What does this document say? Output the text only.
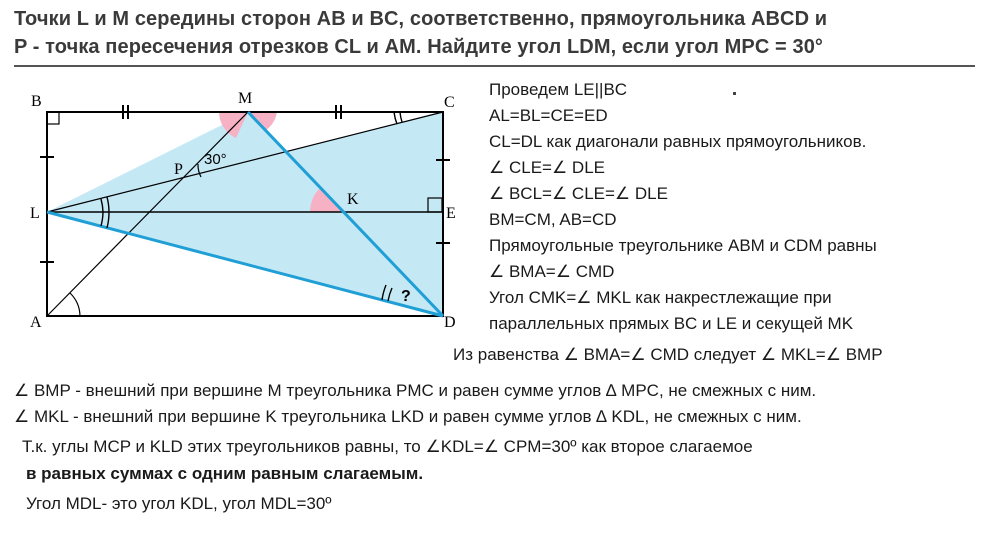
Точки L и M середины сторон AB и BC, соответственно, прямоугольника ABCD и
P - точка пересечения отрезков CL и AM. Найдите угол LDM, если угол MPC = 30°
A
B	C
D
M
L	E
P
K
30°
?
Проведем LE||BC
AL=BL=CE=ED
CL=DL как диагонали равных прямоугольников.
∠ CLE=∠ DLE
∠ BCL=∠ CLE=∠ DLE
BM=CM, AB=CD
Прямоугольные треугольнике ABM и CDM равны
∠ BMA=∠ CMD
Угол CMK=∠ MKL как накрестлежащие при
параллельных прямых BC и LE и секущей MK
Из равенства ∠ BMA=∠ CMD следует ∠ MKL=∠ BMP
∠ BMP - внешний при вершине M треугольника PMC и равен сумме углов ∆ MPC, не смежных с ним.
∠ MKL - внешний при вершине K треугольника LKD и равен сумме углов ∆ KDL, не смежных с ним.
Т.к. углы MCP и KLD этих треугольников равны, то ∠KDL=∠ CPM=30º как второе слагаемое
в равных суммах с одним равным слагаемым.
Угол MDL- это угол KDL, угол MDL=30º
